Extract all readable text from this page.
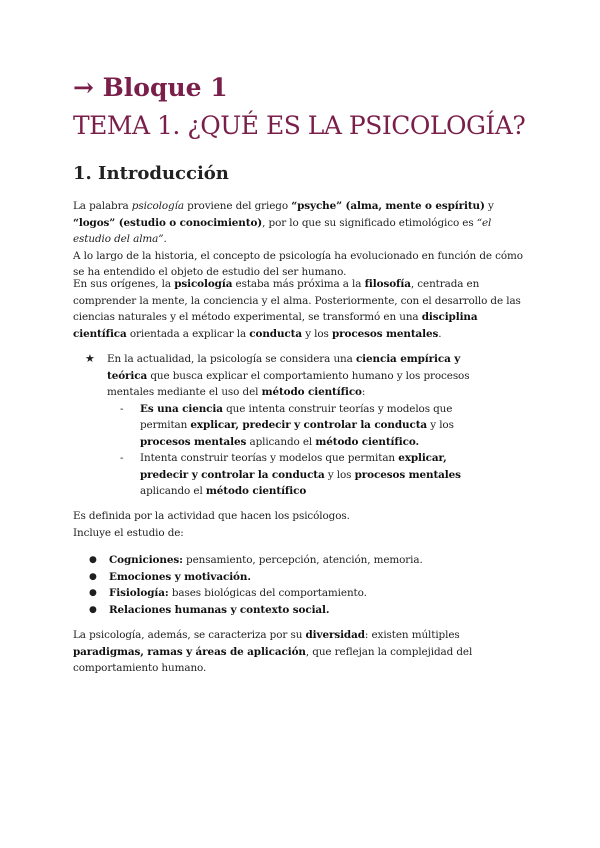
→ Bloque 1
TEMA 1. ¿QUÉ ES LA PSICOLOGÍA?
1. Introducción
La palabra psicología proviene del griego “psyche” (alma, mente o espíritu) y “logos” (estudio o conocimiento), por lo que su significado etimológico es “el estudio del alma”.
A lo largo de la historia, el concepto de psicología ha evolucionado en función de cómo se ha entendido el objeto de estudio del ser humano.
En sus orígenes, la psicología estaba más próxima a la filosofía, centrada en comprender la mente, la conciencia y el alma. Posteriormente, con el desarrollo de las ciencias naturales y el método experimental, se transformó en una disciplina científica orientada a explicar la conducta y los procesos mentales.
★ En la actualidad, la psicología se considera una ciencia empírica y teórica que busca explicar el comportamiento humano y los procesos mentales mediante el uso del método científico:
- Es una ciencia que intenta construir teorías y modelos que permitan explicar, predecir y controlar la conducta y los procesos mentales aplicando el método científico.
- Intenta construir teorías y modelos que permitan explicar, predecir y controlar la conducta y los procesos mentales aplicando el método científico
Es definida por la actividad que hacen los psicólogos.
Incluye el estudio de:
● Cogniciones: pensamiento, percepción, atención, memoria.
● Emociones y motivación.
● Fisiología: bases biológicas del comportamiento.
● Relaciones humanas y contexto social.
La psicología, además, se caracteriza por su diversidad: existen múltiples paradigmas, ramas y áreas de aplicación, que reflejan la complejidad del comportamiento humano.
